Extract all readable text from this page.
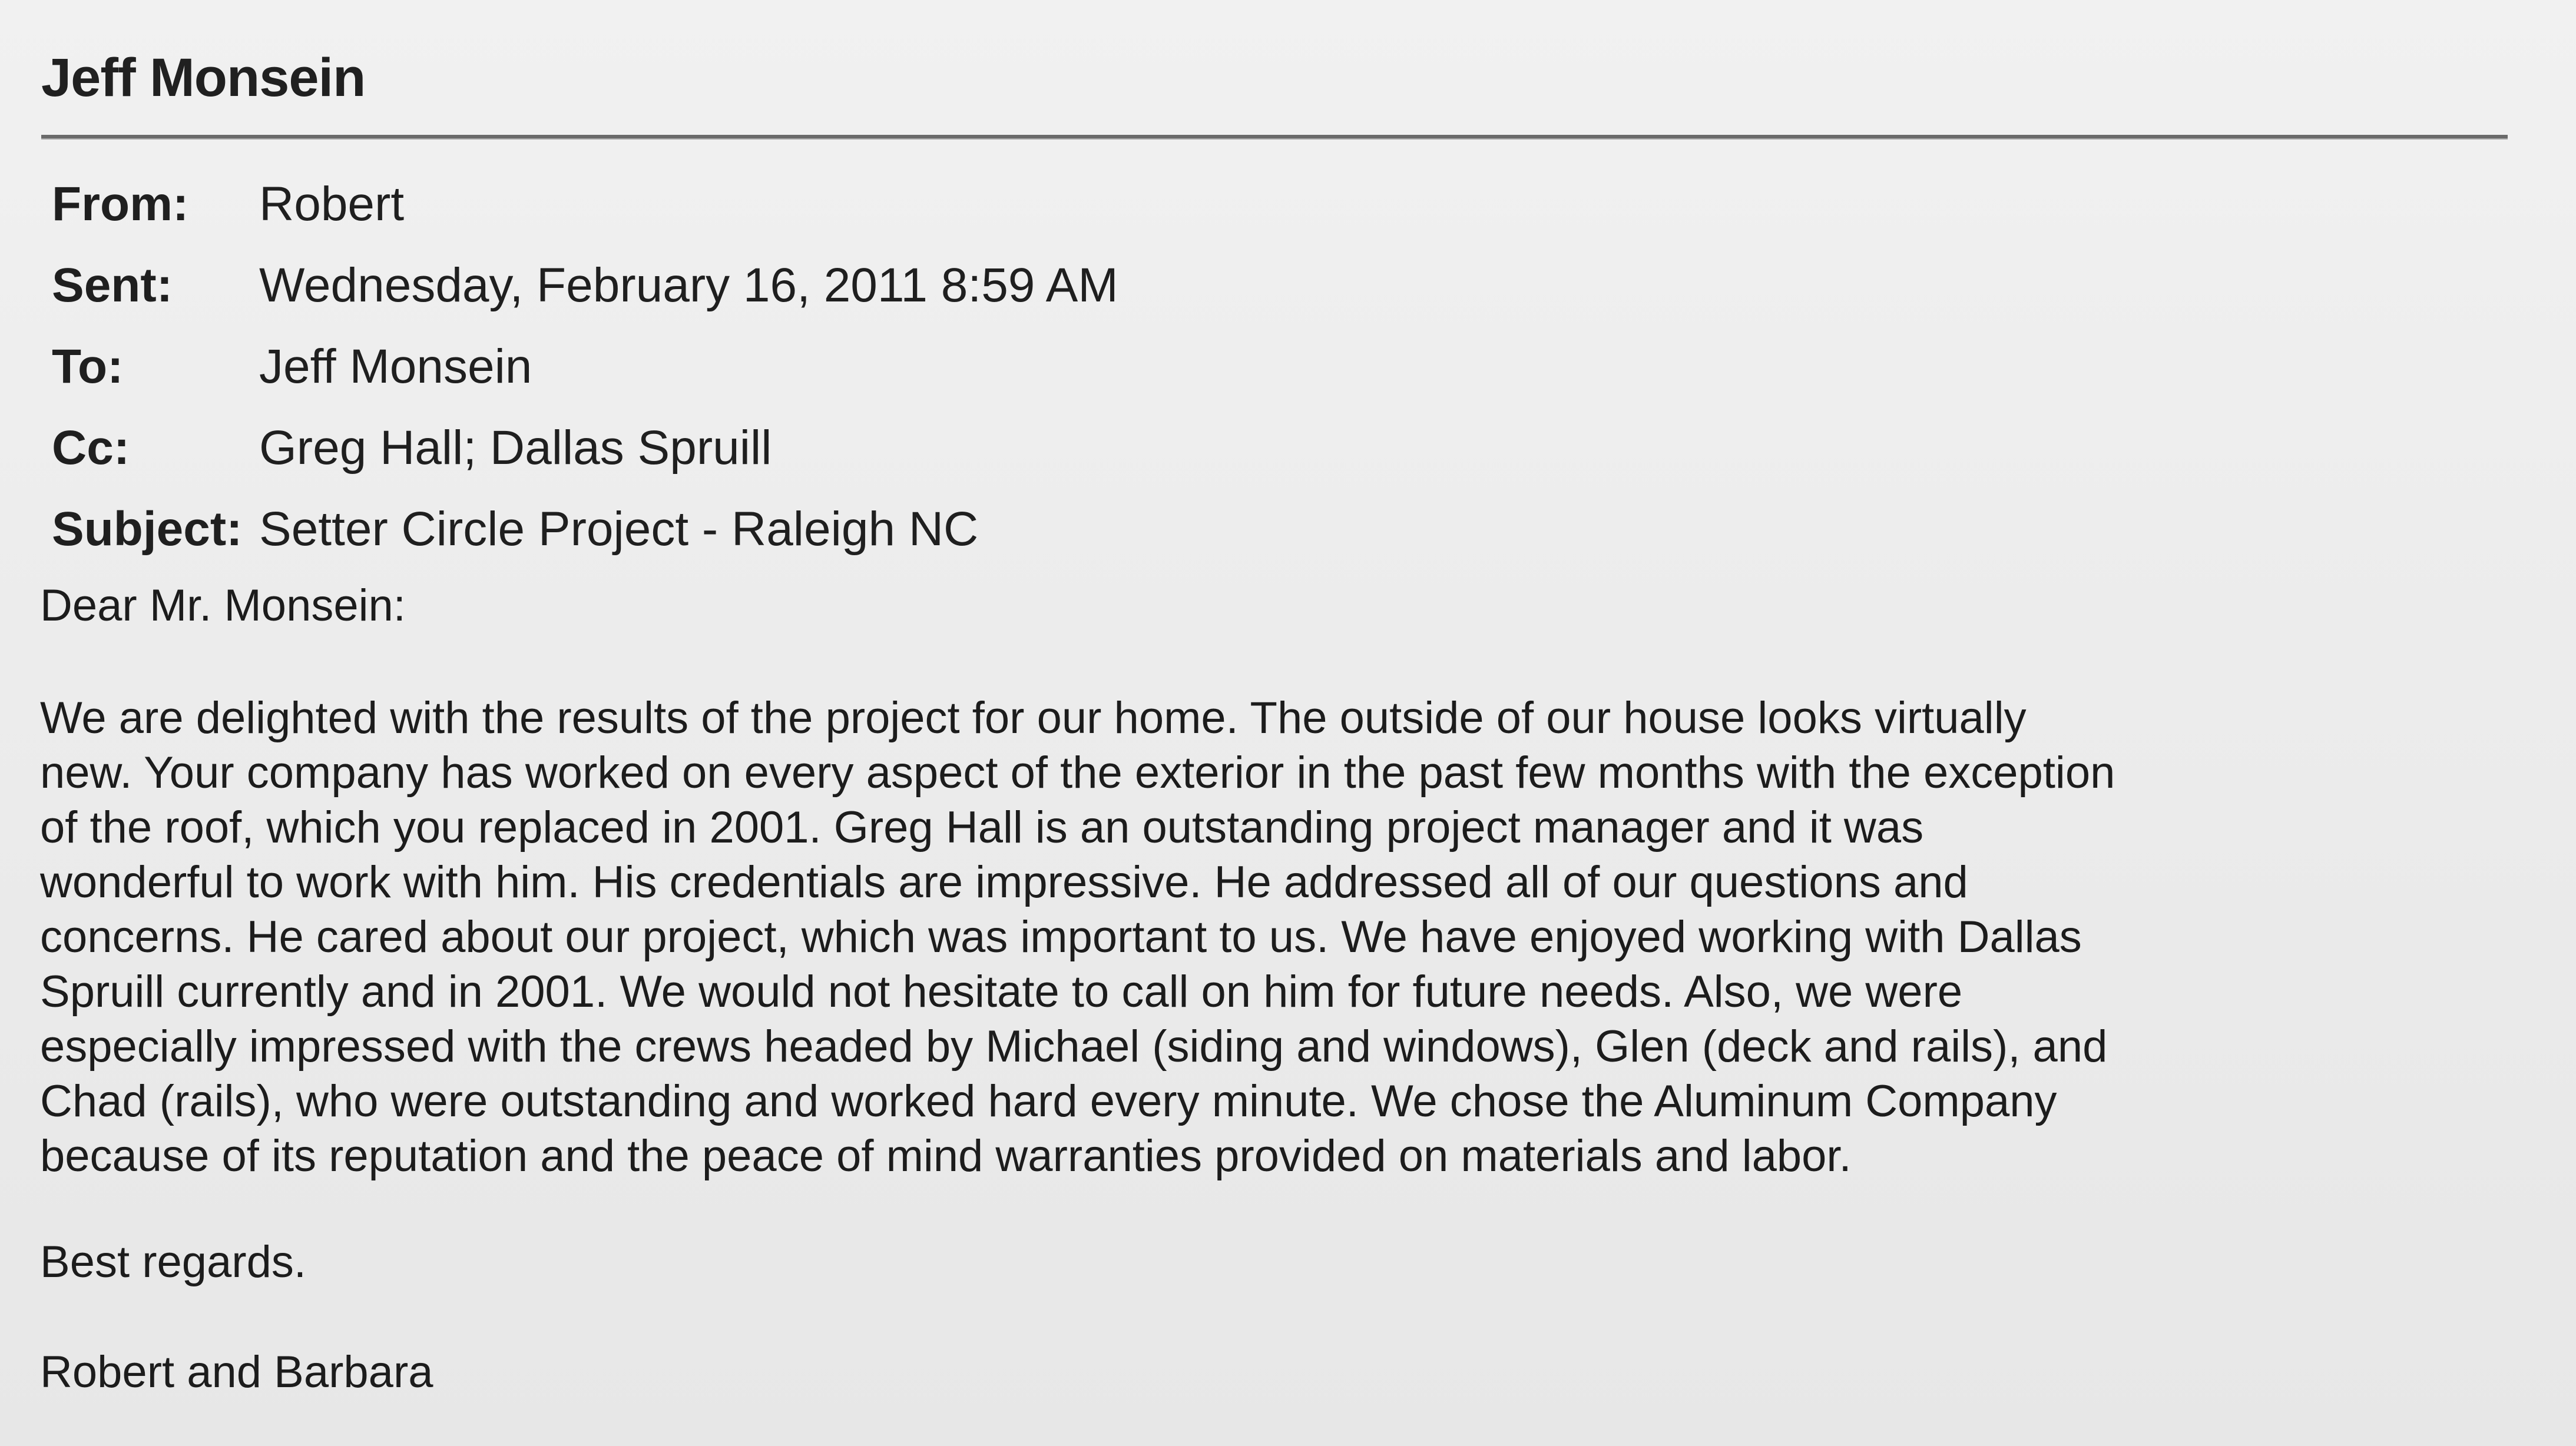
Jeff Monsein
From: Robert
Sent: Wednesday, February 16, 2011 8:59 AM
To:	Jeff Monsein
Cc:	Greg Hall; Dallas Spruill
Subject: Setter Circle Project - Raleigh NC
Dear Mr. Monsein:
We are delighted with the results of the project for our home. The outside of our house looks virtually
new. Your company has worked on every aspect of the exterior in the past few months with the exception
of the roof, which you replaced in 2001. Greg Hall is an outstanding project manager and it was
wonderful to work with him. His credentials are impressive. He addressed all of our questions and
concerns. He cared about our project, which was important to us. We have enjoyed working with Dallas
Spruill currently and in 2001. We would not hesitate to call on him for future needs. Also, we were
especially impressed with the crews headed by Michael (siding and windows), Glen (deck and rails), and
Chad (rails), who were outstanding and worked hard every minute. We chose the Aluminum Company
because of its reputation and the peace of mind warranties provided on materials and labor.
Best regards.
Robert and Barbara
